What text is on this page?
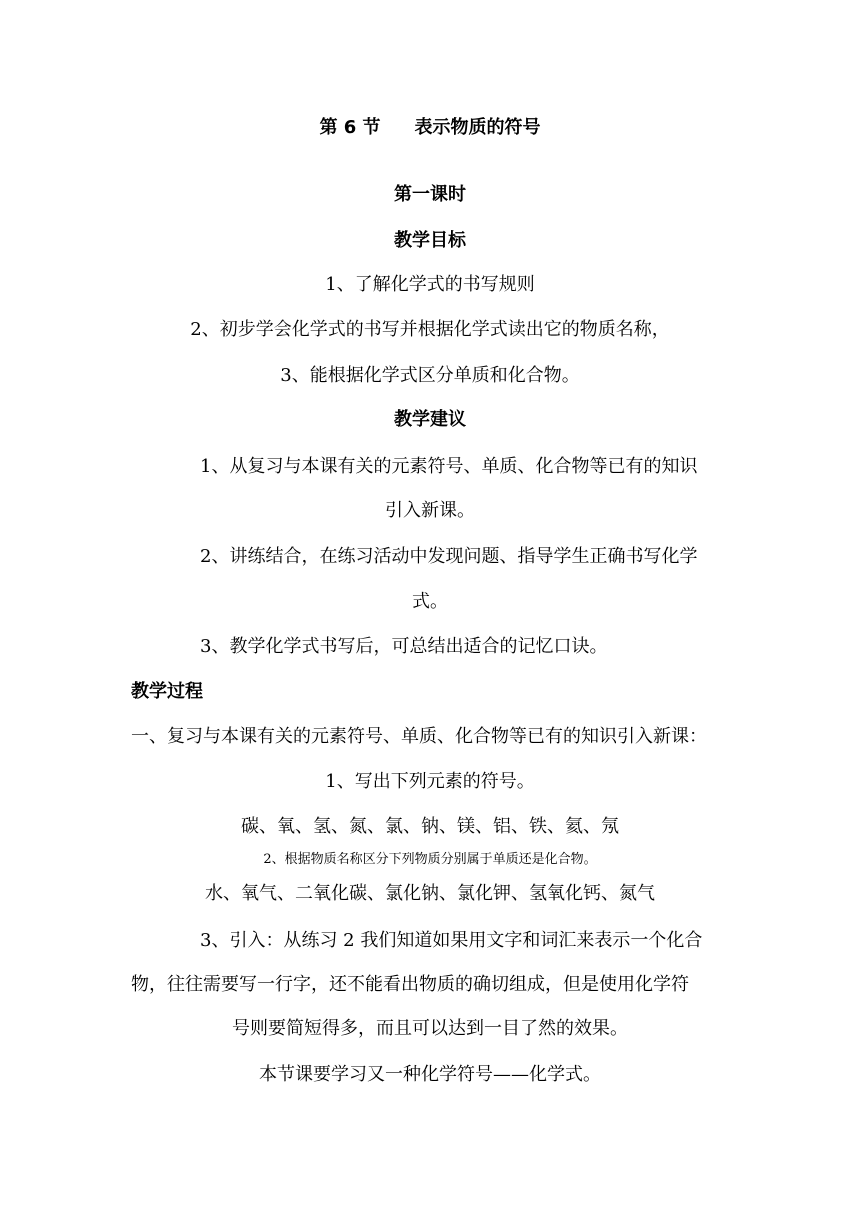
第 6 节 表示物质的符号
第一课时
教学目标
1、了解化学式的书写规则
2、初步学会化学式的书写并根据化学式读出它的物质名称，
3、能根据化学式区分单质和化合物。
教学建议
1、从复习与本课有关的元素符号、单质、化合物等已有的知识
引入新课。
2、讲练结合，在练习活动中发现问题、指导学生正确书写化学
式。
3、教学化学式书写后，可总结出适合的记忆口诀。
教学过程
一、复习与本课有关的元素符号、单质、化合物等已有的知识引入新课：
1、写出下列元素的符号。
碳、氧、氢、氮、氯、钠、镁、铝、铁、氦、氖
2、根据物质名称区分下列物质分别属于单质还是化合物。
水、氧气、二氧化碳、氯化钠、氯化钾、氢氧化钙、氮气
3、引入：从练习 2 我们知道如果用文字和词汇来表示一个化合
物，往往需要写一行字，还不能看出物质的确切组成，但是使用化学符
号则要简短得多，而且可以达到一目了然的效果。
本节课要学习又一种化学符号——化学式。
